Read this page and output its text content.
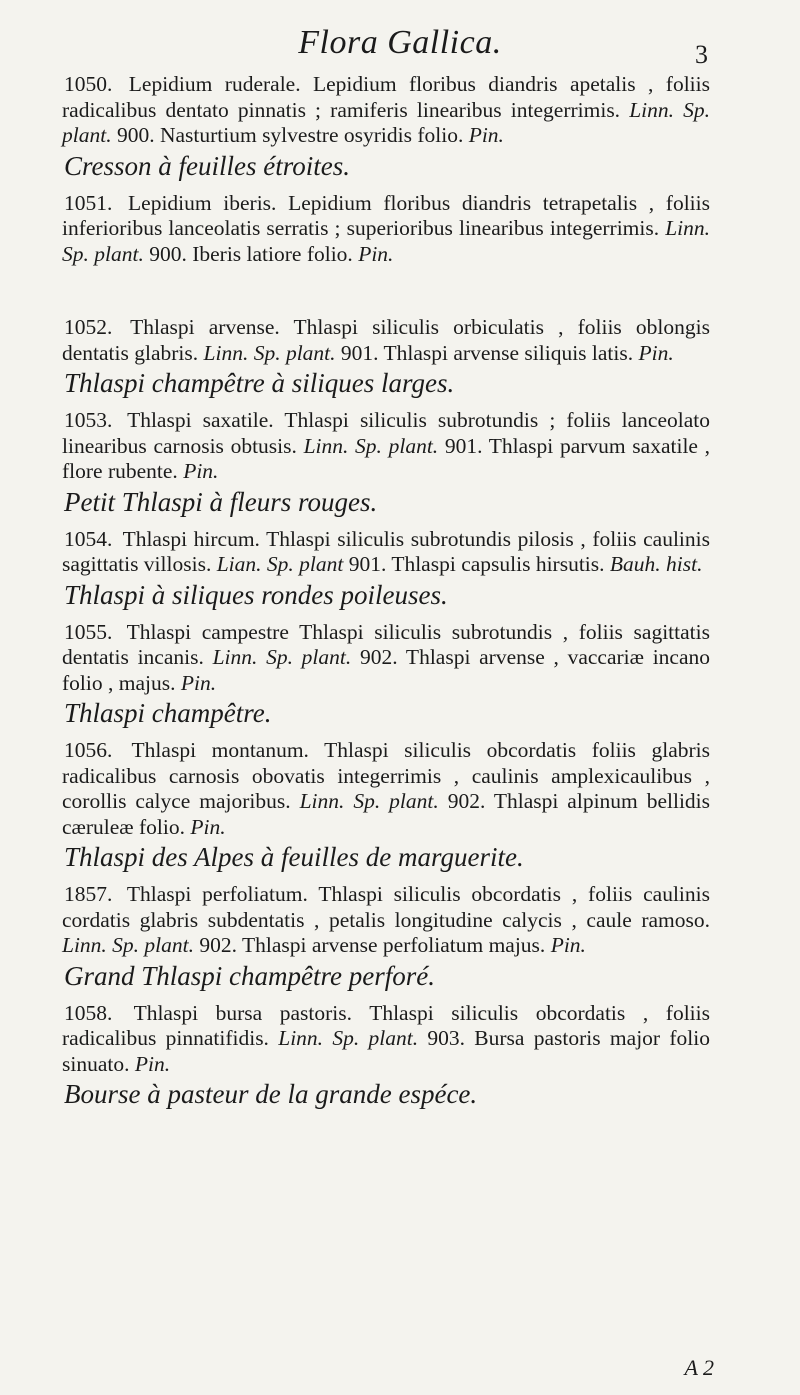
Flora Gallica.	3

1050. Lepidium ruderale. Lepidium floribus diandris apetalis , foliis radicalibus dentato pinnatis ; ramiferis linearibus integerrimis. Linn. Sp. plant. 900. Nasturtium sylvestre osyridis folio. Pin.

Cresson à feuilles étroites.

1051. Lepidium iberis. Lepidium floribus diandris tetrapetalis , foliis inferioribus lanceolatis serratis ; superioribus linearibus integerrimis. Linn. Sp. plant. 900. Iberis latiore folio. Pin.

1052. Thlaspi arvense. Thlaspi siliculis orbiculatis , foliis oblongis dentatis glabris. Linn. Sp. plant. 901. Thlaspi arvense siliquis latis. Pin.

Thlaspi champêtre à siliques larges.

1053. Thlaspi saxatile. Thlaspi siliculis subrotundis ; foliis lanceolato linearibus carnosis obtusis. Linn. Sp. plant. 901. Thlaspi parvum saxatile , flore rubente. Pin.

Petit Thlaspi à fleurs rouges.

1054. Thlaspi hircum. Thlaspi siliculis subrotundis pilosis , foliis caulinis sagittatis villosis. Lian. Sp. plant 901. Thlaspi capsulis hirsutis. Bauh. hist.

Thlaspi à siliques rondes poileuses.

1055. Thlaspi campestre Thlaspi siliculis subrotundis , foliis sagittatis dentatis incanis. Linn. Sp. plant. 902. Thlaspi arvense , vaccariæ incano folio , majus. Pin.

Thlaspi champêtre.

1056. Thlaspi montanum. Thlaspi siliculis obcordatis foliis glabris radicalibus carnosis obovatis integerrimis , caulinis amplexicaulibus , corollis calyce majoribus. Linn. Sp. plant. 902. Thlaspi alpinum bellidis cæruleæ folio. Pin.

Thlaspi des Alpes à feuilles de marguerite.

1857. Thlaspi perfoliatum. Thlaspi siliculis obcordatis , foliis caulinis cordatis glabris subdentatis , petalis longitudine calycis , caule ramoso. Linn. Sp. plant. 902. Thlaspi arvense perfoliatum majus. Pin.

Grand Thlaspi champêtre perforé.

1058. Thlaspi bursa pastoris. Thlaspi siliculis obcordatis , foliis radicalibus pinnatifidis. Linn. Sp. plant. 903. Bursa pastoris major folio sinuato. Pin.

Bourse à pasteur de la grande espéce.

A 2
